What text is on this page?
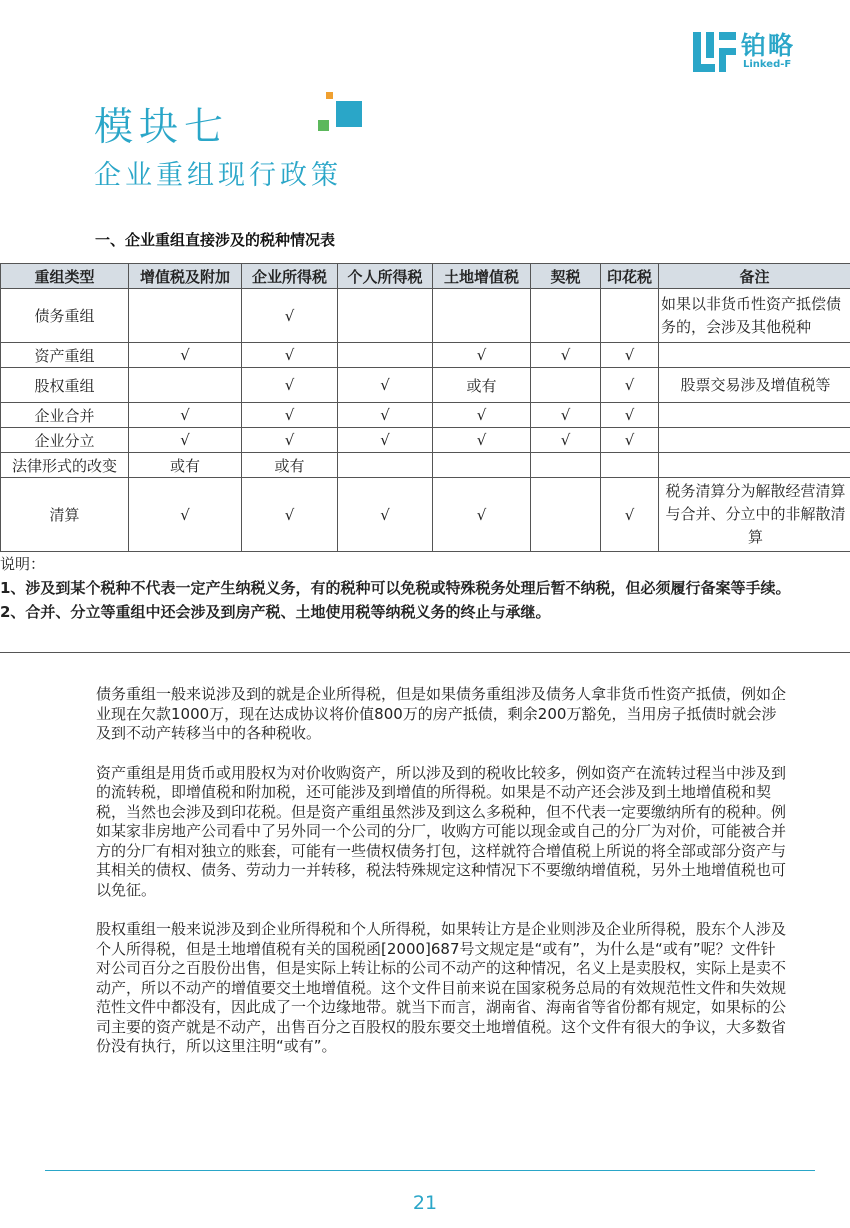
铂略
Linked-F
模块七
企业重组现行政策
一、企业重组直接涉及的税种情况表
重组类型	增值税及附加	企业所得税	个人所得税	土地增值税	契税	印花税	备注
债务重组		√					如果以非货币性资产抵偿债务的，会涉及其他税种
资产重组	√	√		√	√	√	
股权重组		√	√	或有		√	股票交易涉及增值税等
企业合并	√	√	√	√	√	√	
企业分立	√	√	√	√	√	√	
法律形式的改变	或有	或有					
清算	√	√	√	√		√	税务清算分为解散经营清算与合并、分立中的非解散清算
说明：
1、涉及到某个税种不代表一定产生纳税义务，有的税种可以免税或特殊税务处理后暂不纳税，但必须履行备案等手续。
2、合并、分立等重组中还会涉及到房产税、土地使用税等纳税义务的终止与承继。

债务重组一般来说涉及到的就是企业所得税，但是如果债务重组涉及债务人拿非货币性资产抵债，例如企业现在欠款1000万，现在达成协议将价值800万的房产抵债，剩余200万豁免，当用房子抵债时就会涉及到不动产转移当中的各种税收。

资产重组是用货币或用股权为对价收购资产，所以涉及到的税收比较多，例如资产在流转过程当中涉及到的流转税，即增值税和附加税，还可能涉及到增值的所得税。如果是不动产还会涉及到土地增值税和契税，当然也会涉及到印花税。但是资产重组虽然涉及到这么多税种，但不代表一定要缴纳所有的税种。例如某家非房地产公司看中了另外同一个公司的分厂，收购方可能以现金或自己的分厂为对价，可能被合并方的分厂有相对独立的账套，可能有一些债权债务打包，这样就符合增值税上所说的将全部或部分资产与其相关的债权、债务、劳动力一并转移，税法特殊规定这种情况下不要缴纳增值税，另外土地增值税也可以免征。

股权重组一般来说涉及到企业所得税和个人所得税，如果转让方是企业则涉及企业所得税，股东个人涉及个人所得税，但是土地增值税有关的国税函[2000]687号文规定是“或有”，为什么是“或有”呢？文件针对公司百分之百股份出售，但是实际上转让标的公司不动产的这种情况，名义上是卖股权，实际上是卖不动产，所以不动产的增值要交土地增值税。这个文件目前来说在国家税务总局的有效规范性文件和失效规范性文件中都没有，因此成了一个边缘地带。就当下而言，湖南省、海南省等省份都有规定，如果标的公司主要的资产就是不动产，出售百分之百股权的股东要交土地增值税。这个文件有很大的争议，大多数省份没有执行，所以这里注明“或有”。

21
